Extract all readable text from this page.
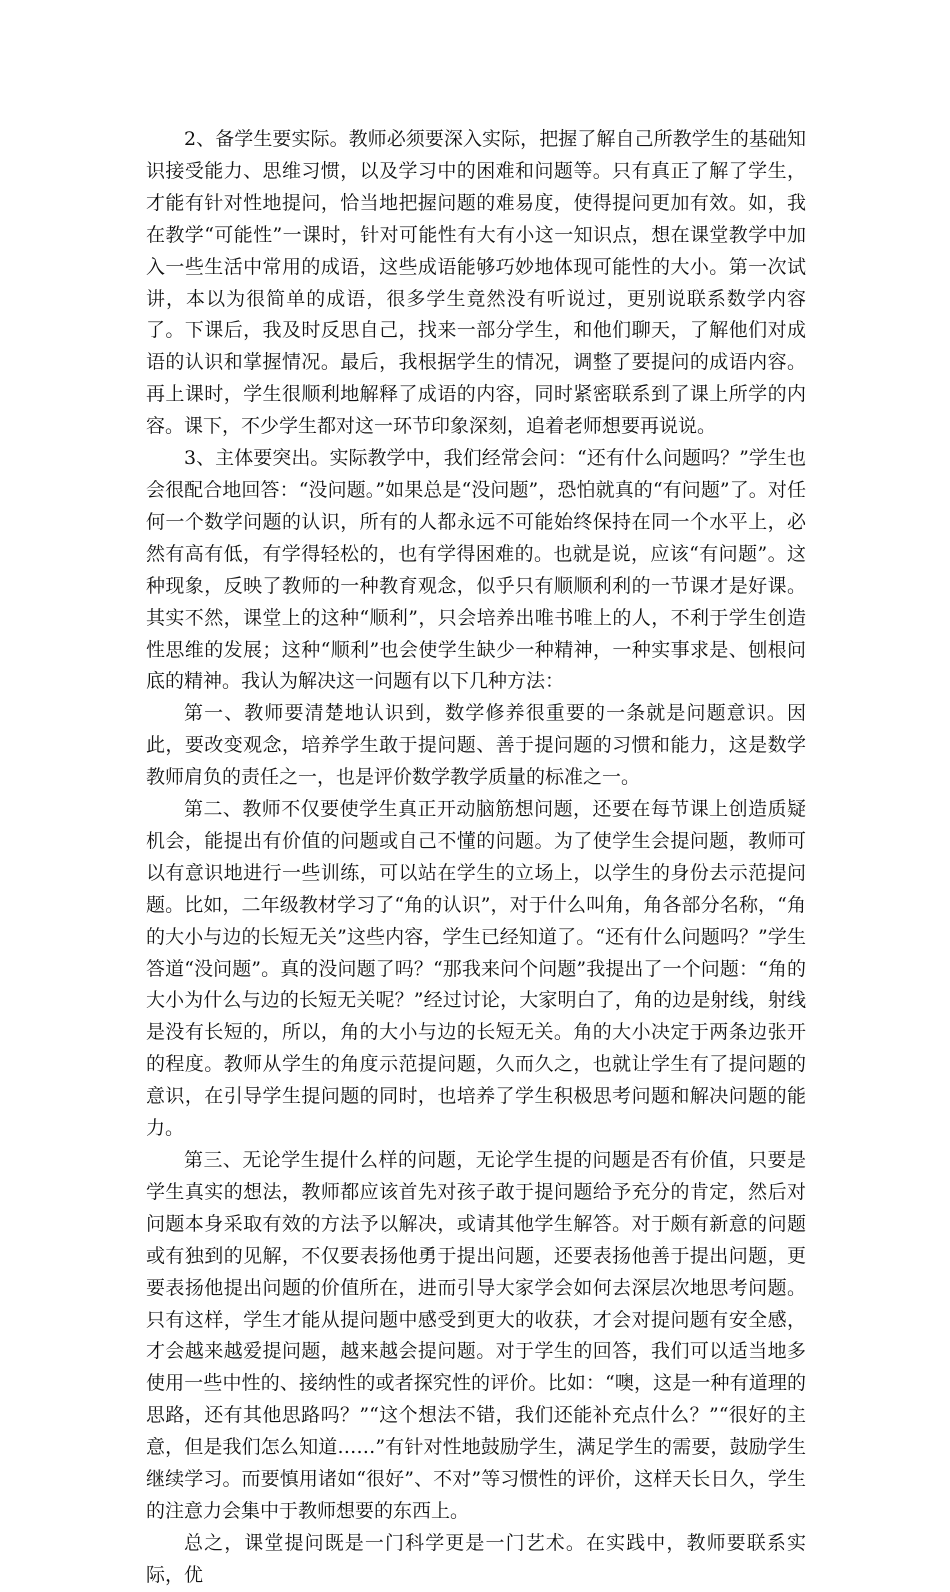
2、备学生要实际。教师必须要深入实际，把握了解自己所教学生的基础知识接受能力、思维习惯，以及学习中的困难和问题等。只有真正了解了学生，才能有针对性地提问，恰当地把握问题的难易度，使得提问更加有效。如，我在教学“可能性”一课时，针对可能性有大有小这一知识点，想在课堂教学中加入一些生活中常用的成语，这些成语能够巧妙地体现可能性的大小。第一次试讲，本以为很简单的成语，很多学生竟然没有听说过，更别说联系数学内容了。下课后，我及时反思自己，找来一部分学生，和他们聊天，了解他们对成语的认识和掌握情况。最后，我根据学生的情况，调整了要提问的成语内容。再上课时，学生很顺利地解释了成语的内容，同时紧密联系到了课上所学的内容。课下，不少学生都对这一环节印象深刻，追着老师想要再说说。

3、主体要突出。实际教学中，我们经常会问：“还有什么问题吗？”学生也会很配合地回答：“没问题。”如果总是“没问题”，恐怕就真的“有问题”了。对任何一个数学问题的认识，所有的人都永远不可能始终保持在同一个水平上，必然有高有低，有学得轻松的，也有学得困难的。也就是说，应该“有问题”。这种现象，反映了教师的一种教育观念，似乎只有顺顺利利的一节课才是好课。其实不然，课堂上的这种“顺利”，只会培养出唯书唯上的人，不利于学生创造性思维的发展；这种“顺利”也会使学生缺少一种精神，一种实事求是、刨根问底的精神。我认为解决这一问题有以下几种方法：

第一、教师要清楚地认识到，数学修养很重要的一条就是问题意识。因此，要改变观念，培养学生敢于提问题、善于提问题的习惯和能力，这是数学教师肩负的责任之一，也是评价数学教学质量的标准之一。

第二、教师不仅要使学生真正开动脑筋想问题，还要在每节课上创造质疑机会，能提出有价值的问题或自己不懂的问题。为了使学生会提问题，教师可以有意识地进行一些训练，可以站在学生的立场上，以学生的身份去示范提问题。比如，二年级教材学习了“角的认识”，对于什么叫角，角各部分名称，“角的大小与边的长短无关”这些内容，学生已经知道了。“还有什么问题吗？”学生答道“没问题”。真的没问题了吗？“那我来问个问题”我提出了一个问题：“角的大小为什么与边的长短无关呢？”经过讨论，大家明白了，角的边是射线，射线是没有长短的，所以，角的大小与边的长短无关。角的大小决定于两条边张开的程度。教师从学生的角度示范提问题，久而久之，也就让学生有了提问题的意识，在引导学生提问题的同时，也培养了学生积极思考问题和解决问题的能力。

第三、无论学生提什么样的问题，无论学生提的问题是否有价值，只要是学生真实的想法，教师都应该首先对孩子敢于提问题给予充分的肯定，然后对问题本身采取有效的方法予以解决，或请其他学生解答。对于颇有新意的问题或有独到的见解，不仅要表扬他勇于提出问题，还要表扬他善于提出问题，更要表扬他提出问题的价值所在，进而引导大家学会如何去深层次地思考问题。只有这样，学生才能从提问题中感受到更大的收获，才会对提问题有安全感，才会越来越爱提问题，越来越会提问题。对于学生的回答，我们可以适当地多使用一些中性的、接纳性的或者探究性的评价。比如：“噢，这是一种有道理的思路，还有其他思路吗？”“这个想法不错，我们还能补充点什么？”“很好的主意，但是我们怎么知道……”有针对性地鼓励学生，满足学生的需要，鼓励学生继续学习。而要慎用诸如“很好”、不对”等习惯性的评价，这样天长日久，学生的注意力会集中于教师想要的东西上。

总之，课堂提问既是一门科学更是一门艺术。在实践中，教师要联系实际，优
